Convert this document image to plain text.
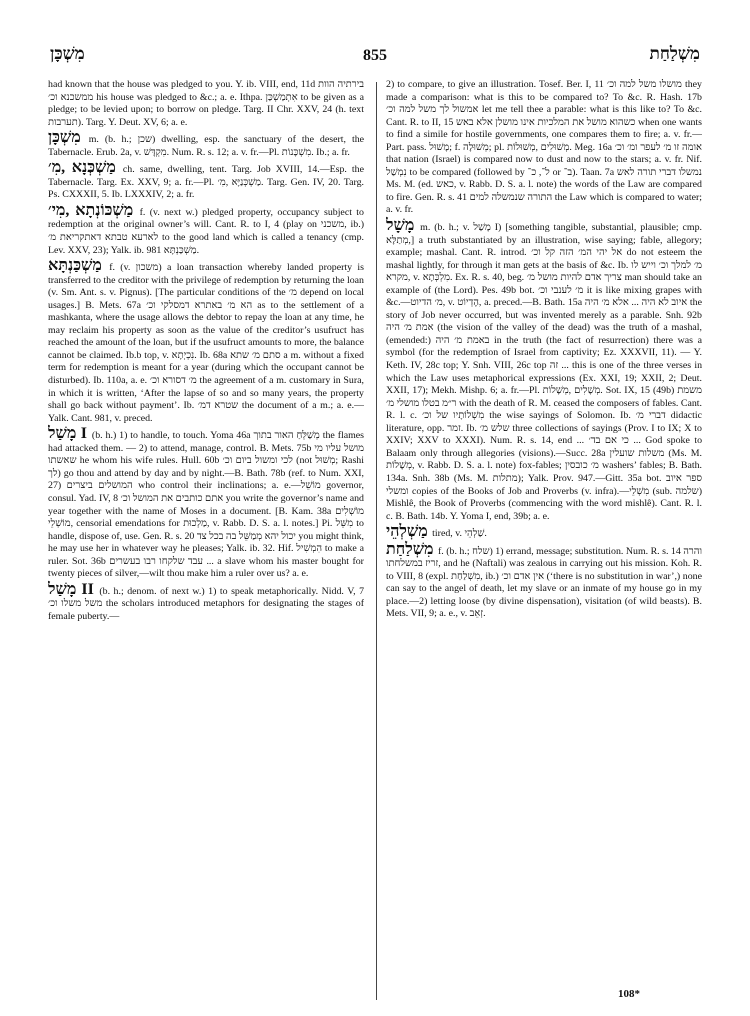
מִשְׁכָּן	855	מִשְׁלַחַת

had known that the house was pledged to you. Y. ib. VIII, end, 11d בירתיה הוות ממשכנא וכ׳ his house was pledged to &c.; a. e. Ithpa. אִתְמַשְׁכַּן to be given as a pledge; to be levied upon; to borrow on pledge. Targ. II Chr. XXV, 24 (h. text תערבות). Targ. Y. Deut. XV, 6; a. e.

מִשְׁכָּן m. (b. h.; שכן) dwelling, esp. the sanctuary of the desert, the Tabernacle. Erub. 2a, v. מִקְדָּשׁ. Num. R. s. 12; a. v. fr.—Pl. מִשְׁכָּנוֹת. Ib.; a. fr.

מַשְׁכְּנָא ,מִ׳ ch. same, dwelling, tent. Targ. Job XVIII, 14.—Esp. the Tabernacle. Targ. Ex. XXV, 9; a. fr.—Pl. מַשְׁכְּנַיָּא ,מִ׳. Targ. Gen. IV, 20. Targ. Ps. CXXXII, 5. Ib. LXXXIV, 2; a. fr.

מַשְׁכּוֹנְתָא ,מִי׳ f. (v. next w.) pledged property, occupancy subject to redemption at the original owner’s will. Cant. R. to I, 4 (play on משכני, ib.) לארעא טבתא דאתקריאת מ׳ to the good land which is called a tenancy (cmp. Lev. XXV, 23); Yalk. ib. 981 מַשְׁכַּנְתָּא.

מַשְׁכַּנְתָּא f. (v. משכון) a loan transaction whereby landed property is transferred to the creditor with the privilege of redemption by returning the loan (v. Sm. Ant. s. v. Pignus). [The particular conditions of the מ׳ depend on local usages.] B. Mets. 67a הא מ׳ באתרא דמסלקי וכ׳ as to the settlement of a mashkanta, where the usage allows the debtor to repay the loan at any time, he may reclaim his property as soon as the value of the creditor’s usufruct has reached the amount of the loan, but if the usufruct amounts to more, the balance cannot be claimed. Ib.b top, v. נִכְיְתָא. Ib. 68a סתם מ׳ שתא a m. without a fixed term for redemption is meant for a year (during which the occupant cannot be disturbed). Ib. 110a, a. e. מ׳ דסורא וכ׳ the agreement of a m. customary in Sura, in which it is written, ‘After the lapse of so and so many years, the property shall go back without payment’. Ib. שטרא דמ׳ the document of a m.; a. e.—Yalk. Cant. 981, v. preced.

מָשַׁל I (b. h.) 1) to handle, to touch. Yoma 46a מְשַׁלְּחַ האור בתוך the flames had attacked them. — 2) to attend, manage, control. B. Mets. 75b מושל עליו מי שאשתו he whom his wife rules. Hull. 60b לכי ומשול ביום וכ׳ (not מְשׁוּל; Rashi לך) go thou and attend by day and by night.—B. Bath. 78b (ref. to Num. XXI, 27) המושלים ביצרים who control their inclinations; a. e.—מוֹשֵׁל governor, consul. Yad. IV, 8 אתם כותבים את המושל וכ׳ you write the governor’s name and year together with the name of Moses in a document. [B. Kam. 38a מוֹשְׁלִים ,מוֹשְׁלֵי censorial emendations for מַלְכוּת, v. Rabb. D. S. a. l. notes.] Pi. מִשֵּׁל to handle, dispose of, use. Gen. R. s. 20 יכול יהא מְמַשֵּׁל בה בכל צד you might think, he may use her in whatever way he pleases; Yalk. ib. 32. Hif. הִמְשִׁיל to make a ruler. Sot. 36b עבד שלקחו רבו בעשרים ... a slave whom his master bought for twenty pieces of silver,—wilt thou make him a ruler over us? a. e.

מָשַׁל II (b. h.; denom. of next w.) 1) to speak metaphorically. Nidd. V, 7 משל משלו וכ׳ the scholars introduced metaphors for designating the stages of female puberty.—

2) to compare, to give an illustration. Tosef. Ber. I, 11 מושלו משל למה וכ׳ they made a comparison: what is this to be compared to? To &c. R. Hash. 17b אמשול לך משל למה וכ׳ let me tell thee a parable: what is this like to? To &c. Cant. R. to II, 15 כשהוא מושל את המלכיות אינו מושלן אלא באש when one wants to find a simile for hostile governments, one compares them to fire; a. v. fr.—Part. pass. מָשׁוּל; f. מְשׁוּלָה; pl. מְשׁוּלִים ,מְשׁוּלוֹת. Meg. 16a אומה זו מ׳ לעפר ומ׳ וכ׳ that nation (Israel) is compared now to dust and now to the stars; a. v. fr. Nif. נִמְשַׁל to be compared (followed by ל־, כ־ or ב־). Taan. 7a נמשלו דברי תורה לאש Ms. M. (ed. כאש, v. Rabb. D. S. a. l. note) the words of the Law are compared to fire. Gen. R. s. 41 התורה שנמשלה למים the Law which is compared to water; a. v. fr.

מָשָׁל m. (b. h.; v. מָשַׁל I) [something tangible, substantial, plausible; cmp. מְתַלָּא,] a truth substantiated by an illustration, wise saying; fable, allegory; example; mashal. Cant. R. introd. אל יהי המ׳ הזה קל וכ׳ do not esteem the mashal lightly, for through it man gets at the basis of &c. Ib. מ׳ למלך וכ׳ וייש לו מקרא, v. מִלְכְּתָא. Ex. R. s. 40, beg. צריך אדם להיות מושל מ׳ man should take an example of (the Lord). Pes. 49b bot. מ׳ לענבי וכ׳ it is like mixing grapes with &c.—מ׳ הדיוט, v. הֶדְיוֹט, a. preced.—B. Bath. 15a איוב לא היה ... אלא מ׳ היה the story of Job never occurred, but was invented merely as a parable. Snh. 92b אמת מ׳ היה (the vision of the valley of the dead) was the truth of a mashal, (emended:) באמת מ׳ היה in the truth (the fact of resurrection) there was a symbol (for the redemption of Israel from captivity; Ez. XXXVII, 11). — Y. Keth. IV, 28c top; Y. Snh. VIII, 26c top זה ... this is one of the three verses in which the Law uses metaphorical expressions (Ex. XXI, 19; XXII, 2; Deut. XXII, 17); Mekh. Mishp. 6; a. fr.—Pl. מְשָׁלִים ,מְשָׁלוֹת. Sot. IX, 15 (49b) משמת ר״מ בטלו מושלי מ׳ with the death of R. M. ceased the composers of fables. Cant. R. l. c. מִשְׁלוֹתָיו של וכ׳ the wise sayings of Solomon. Ib. דברי מ׳ didactic literature, opp. זמר. Ib. שלש מ׳ three collections of sayings (Prov. I to IX; X to XXIV; XXV to XXXI). Num. R. s. 14, end ... כי אם בד׳ ... God spoke to Balaam only through allegories (visions).—Succ. 28a משלות שועלין (Ms. M. מְשָׁלוֹת, v. Rabb. D. S. a. l. note) fox-fables; מ׳ כובסין washers’ fables; B. Bath. 134a. Snh. 38b (Ms. M. מתלות); Yalk. Prov. 947.—Gitt. 35a bot. ספר איוב ומשלי copies of the Books of Job and Proverbs (v. infra).—מִשְׁלֵי (sub. שלמה) Mishlê, the Book of Proverbs (commencing with the word mishlê). Cant. R. l. c. B. Bath. 14b. Y. Yoma I, end, 39b; a. e.

מַשְׁלְהֵי tired, v. שַׁלְהֵי.

מִשְׁלַחַת f. (b. h.; שלח) 1) errand, message; substitution. Num. R. s. 14 והרה זריז במשלחתו, and he (Naftali) was zealous in carrying out his mission. Koh. R. to VIII, 8 (expl. מִשְׁלַחַת, ib.) אין אדם וכ׳ (‘there is no substitution in war’,) none can say to the angel of death, let my slave or an inmate of my house go in my place.—2) letting loose (by divine dispensation), visitation (of wild beasts). B. Mets. VII, 9; a. e., v. זְאֵב.

108*
